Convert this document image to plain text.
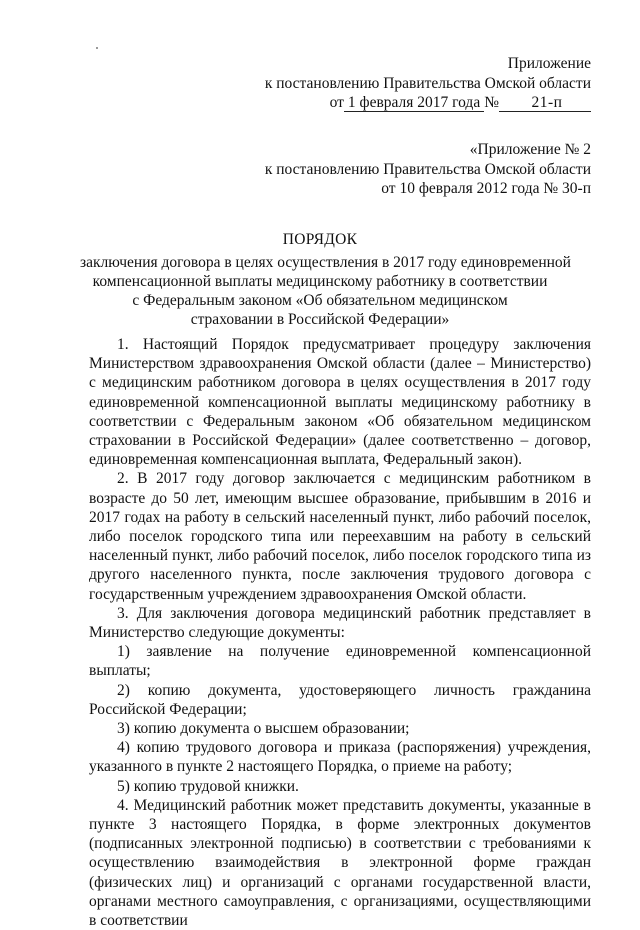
Приложение
к постановлению Правительства Омской области
от 1 февраля 2017 года № 21-п
«Приложение № 2
к постановлению Правительства Омской области
от 10 февраля 2012 года № 30-п
ПОРЯДОК
заключения договора в целях осуществления в 2017 году единовременной
компенсационной выплаты медицинскому работнику в соответствии
с Федеральным законом «Об обязательном медицинском
страховании в Российской Федерации»

1. Настоящий Порядок предусматривает процедуру заключения Министерством здравоохранения Омской области (далее – Министерство) с медицинским работником договора в целях осуществления в 2017 году единовременной компенсационной выплаты медицинскому работнику в соответствии с Федеральным законом «Об обязательном медицинском страховании в Российской Федерации» (далее соответственно – договор, единовременная компенсационная выплата, Федеральный закон).

2. В 2017 году договор заключается с медицинским работником в возрасте до 50 лет, имеющим высшее образование, прибывшим в 2016 и 2017 годах на работу в сельский населенный пункт, либо рабочий поселок, либо поселок городского типа или переехавшим на работу в сельский населенный пункт, либо рабочий поселок, либо поселок городского типа из другого населенного пункта, после заключения трудового договора с государственным учреждением здравоохранения Омской области.

3. Для заключения договора медицинский работник представляет в Министерство следующие документы:

1) заявление на получение единовременной компенсационной выплаты;

2) копию документа, удостоверяющего личность гражданина Российской Федерации;

3) копию документа о высшем образовании;

4) копию трудового договора и приказа (распоряжения) учреждения, указанного в пункте 2 настоящего Порядка, о приеме на работу;

5) копию трудовой книжки.

4. Медицинский работник может представить документы, указанные в пункте 3 настоящего Порядка, в форме электронных документов (подписанных электронной подписью) в соответствии с требованиями к осуществлению взаимодействия в электронной форме граждан (физических лиц) и организаций с органами государственной власти, органами местного самоуправления, с организациями, осуществляющими в соответствии
